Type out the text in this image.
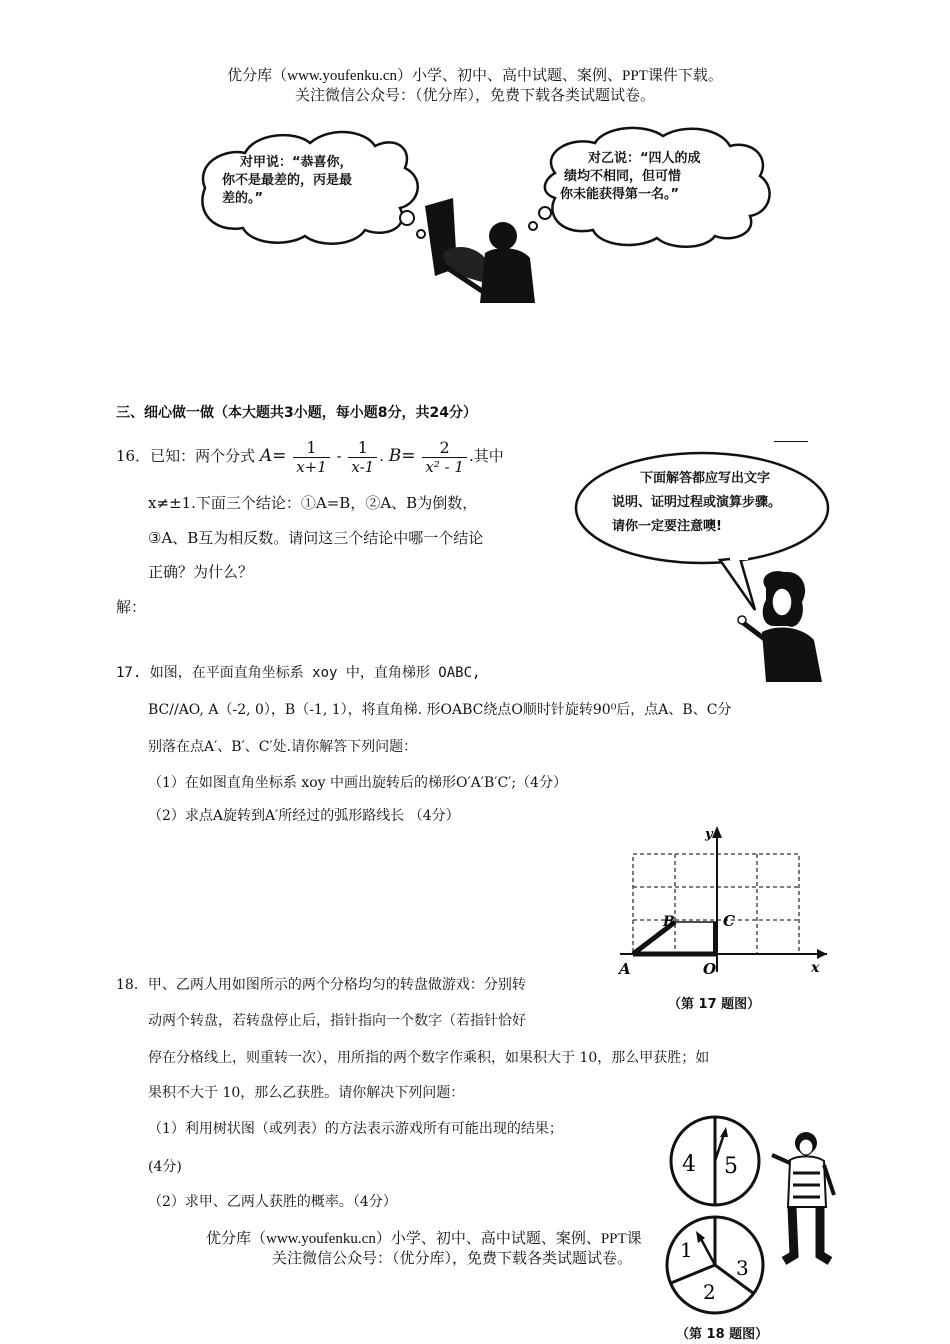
优分库（www.youfenku.cn）小学、初中、高中试题、案例、PPT课件下载。
关注微信公众号：（优分库），免费下载各类试题试卷。
对甲说：“恭喜你，
你不是最差的，丙是最
差的。”
对乙说：“四人的成
绩均不相同，但可惜
你未能获得第一名。”
三、细心做一做（本大题共3小题，每小题8分，共24分）
16．已知：两个分式 $A= \frac{1}{x+1} - \frac{1}{x-1}$ . $B= \frac{2}{\text{x² - 1}}$ .其中
x≠±1.下面三个结论：①A=B，②A、B为倒数，
③A、B互为相反数。请问这三个结论中哪一个结论
正确？为什么？
解：
下面解答都应写出文字
说明、证明过程或演算步骤。
请你一定要注意噢!
17. 如图，在平面直角坐标系 xoy 中，直角梯形 OABC,
BC//AO, A（-2, 0），B（-1, 1），将直角梯. 形OABC绕点O顺时针旋转90⁰后，点A、B、C分
别落在点A′、B′、C′处.请你解答下列问题：
（1）在如图直角坐标系 xoy 中画出旋转后的梯形O′A′B′C′;（4分）
（2）求点A旋转到A′所经过的弧形路线长 （4分）
y
x
A	O
B	C
（第 17 题图）
18．甲、乙两人用如图所示的两个分格均匀的转盘做游戏：分别转
动两个转盘，若转盘停止后，指针指向一个数字（若指针恰好
停在分格线上，则重转一次），用所指的两个数字作乘积，如果积大于 10，那么甲获胜；如
果积不大于 10，那么乙获胜。请你解决下列问题：
（1）利用树状图（或列表）的方法表示游戏所有可能出现的结果；
(4分)
（2）求甲、乙两人获胜的概率。（4分）
4 5
1
2
3
（第 18 题图）
优分库（www.youfenku.cn）小学、初中、高中试题、案例、PPT课
关注微信公众号：（优分库），免费下载各类试题试卷。
